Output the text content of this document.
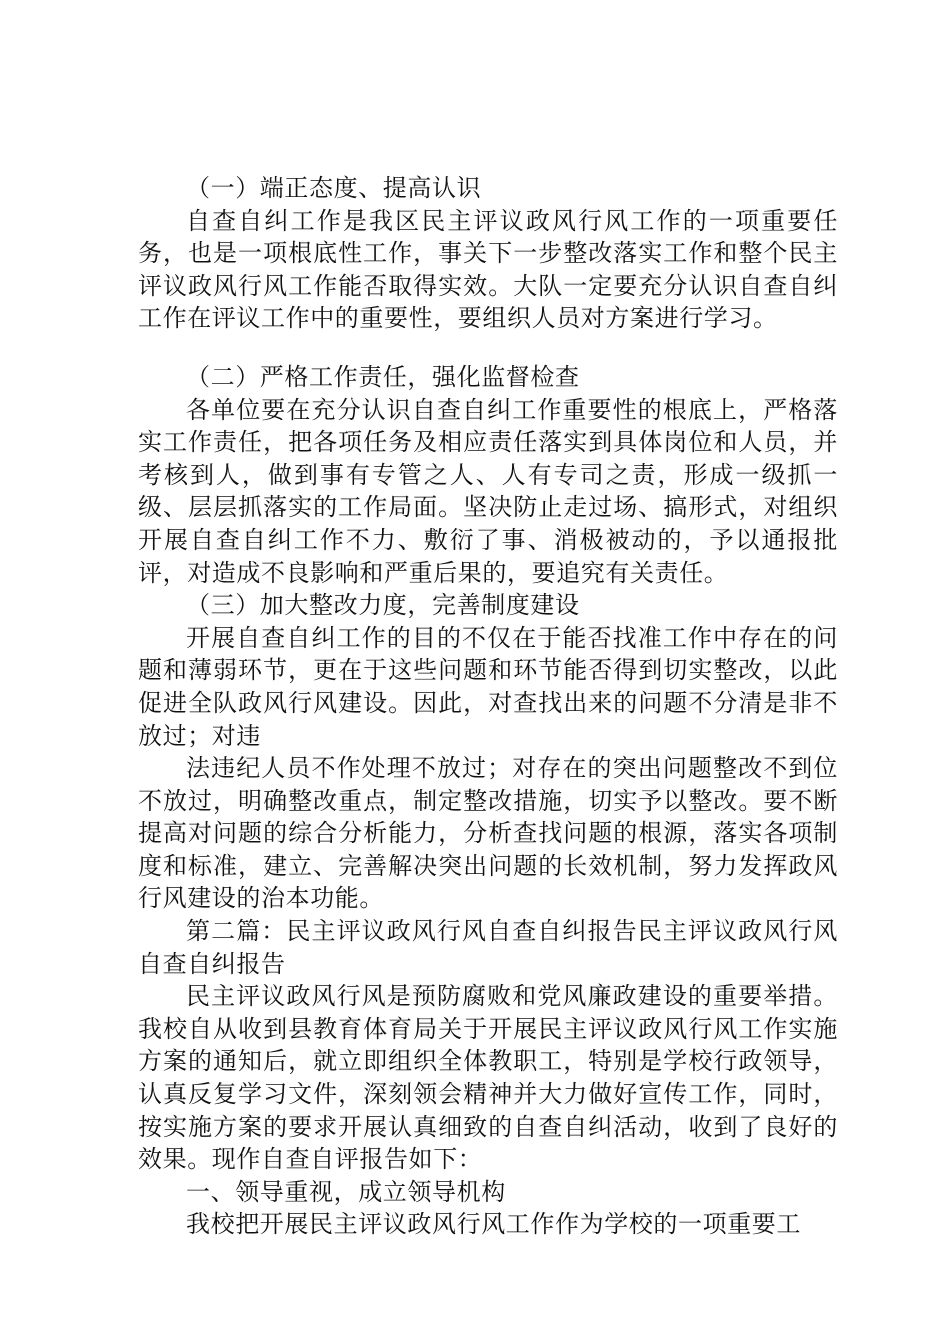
（一）端正态度、提高认识

自查自纠工作是我区民主评议政风行风工作的一项重要任务，也是一项根底性工作，事关下一步整改落实工作和整个民主评议政风行风工作能否取得实效。大队一定要充分认识自查自纠工作在评议工作中的重要性，要组织人员对方案进行学习。

（二）严格工作责任，强化监督检查

各单位要在充分认识自查自纠工作重要性的根底上，严格落实工作责任，把各项任务及相应责任落实到具体岗位和人员，并考核到人，做到事有专管之人、人有专司之责，形成一级抓一级、层层抓落实的工作局面。坚决防止走过场、搞形式，对组织开展自查自纠工作不力、敷衍了事、消极被动的，予以通报批评，对造成不良影响和严重后果的，要追究有关责任。

（三）加大整改力度，完善制度建设

开展自查自纠工作的目的不仅在于能否找准工作中存在的问题和薄弱环节，更在于这些问题和环节能否得到切实整改，以此促进全队政风行风建设。因此，对查找出来的问题不分清是非不放过；对违

法违纪人员不作处理不放过；对存在的突出问题整改不到位不放过，明确整改重点，制定整改措施，切实予以整改。要不断提高对问题的综合分析能力，分析查找问题的根源，落实各项制度和标准，建立、完善解决突出问题的长效机制，努力发挥政风行风建设的治本功能。

第二篇：民主评议政风行风自查自纠报告民主评议政风行风自查自纠报告

民主评议政风行风是预防腐败和党风廉政建设的重要举措。我校自从收到县教育体育局关于开展民主评议政风行风工作实施方案的通知后，就立即组织全体教职工，特别是学校行政领导，认真反复学习文件，深刻领会精神并大力做好宣传工作，同时，按实施方案的要求开展认真细致的自查自纠活动，收到了良好的效果。现作自查自评报告如下：

一、领导重视，成立领导机构

我校把开展民主评议政风行风工作作为学校的一项重要工
